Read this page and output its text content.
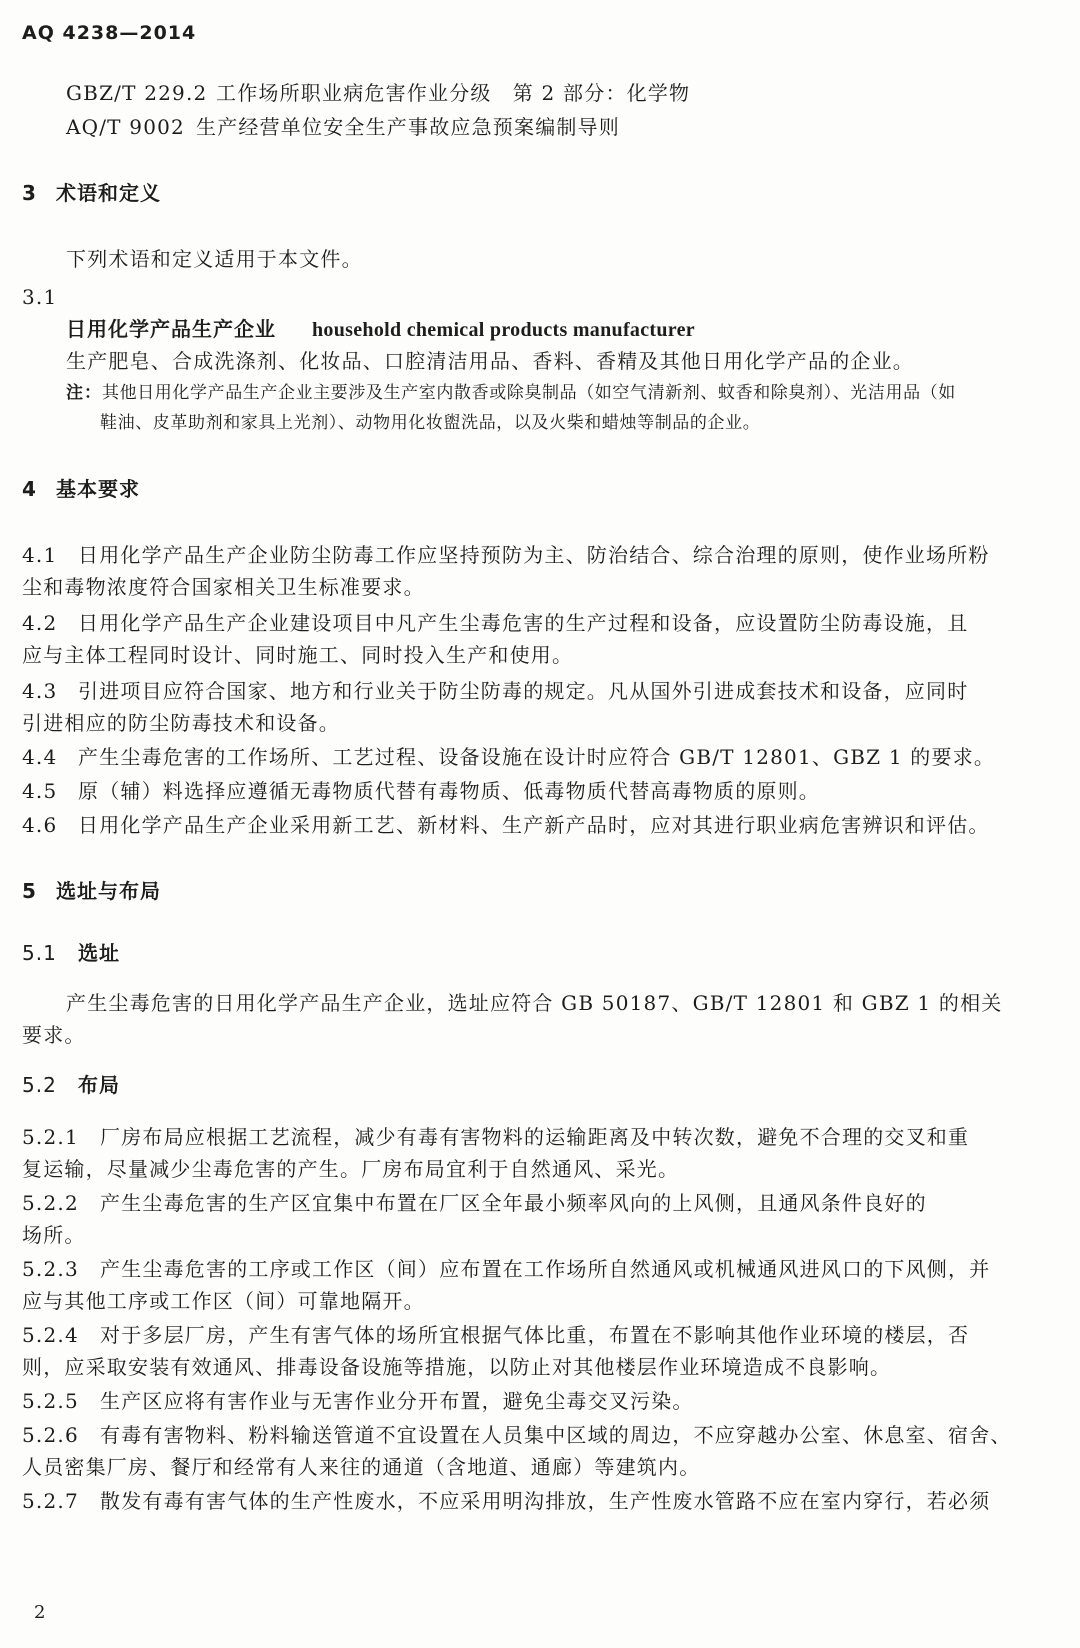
AQ 4238—2014
GBZ/T 229.2 工作场所职业病危害作业分级　第 2 部分：化学物
AQ/T 9002 生产经营单位安全生产事故应急预案编制导则
3 术语和定义
下列术语和定义适用于本文件。
3.1
日用化学产品生产企业 household chemical products manufacturer
生产肥皂、合成洗涤剂、化妆品、口腔清洁用品、香料、香精及其他日用化学产品的企业。
注：其他日用化学产品生产企业主要涉及生产室内散香或除臭制品（如空气清新剂、蚊香和除臭剂）、光洁用品（如
鞋油、皮革助剂和家具上光剂）、动物用化妆盥洗品，以及火柴和蜡烛等制品的企业。
4 基本要求
4.1 日用化学产品生产企业防尘防毒工作应坚持预防为主、防治结合、综合治理的原则，使作业场所粉
尘和毒物浓度符合国家相关卫生标准要求。
4.2 日用化学产品生产企业建设项目中凡产生尘毒危害的生产过程和设备，应设置防尘防毒设施，且
应与主体工程同时设计、同时施工、同时投入生产和使用。
4.3 引进项目应符合国家、地方和行业关于防尘防毒的规定。凡从国外引进成套技术和设备，应同时
引进相应的防尘防毒技术和设备。
4.4 产生尘毒危害的工作场所、工艺过程、设备设施在设计时应符合 GB/T 12801、GBZ 1 的要求。
4.5 原（辅）料选择应遵循无毒物质代替有毒物质、低毒物质代替高毒物质的原则。
4.6 日用化学产品生产企业采用新工艺、新材料、生产新产品时，应对其进行职业病危害辨识和评估。
5 选址与布局
5.1 选址
产生尘毒危害的日用化学产品生产企业，选址应符合 GB 50187、GB/T 12801 和 GBZ 1 的相关
要求。
5.2 布局
5.2.1 厂房布局应根据工艺流程，减少有毒有害物料的运输距离及中转次数，避免不合理的交叉和重
复运输，尽量减少尘毒危害的产生。厂房布局宜利于自然通风、采光。
5.2.2 产生尘毒危害的生产区宜集中布置在厂区全年最小频率风向的上风侧，且通风条件良好的
场所。
5.2.3 产生尘毒危害的工序或工作区（间）应布置在工作场所自然通风或机械通风进风口的下风侧，并
应与其他工序或工作区（间）可靠地隔开。
5.2.4 对于多层厂房，产生有害气体的场所宜根据气体比重，布置在不影响其他作业环境的楼层，否
则，应采取安装有效通风、排毒设备设施等措施，以防止对其他楼层作业环境造成不良影响。
5.2.5 生产区应将有害作业与无害作业分开布置，避免尘毒交叉污染。
5.2.6 有毒有害物料、粉料输送管道不宜设置在人员集中区域的周边，不应穿越办公室、休息室、宿舍、
人员密集厂房、餐厅和经常有人来往的通道（含地道、通廊）等建筑内。
5.2.7 散发有毒有害气体的生产性废水，不应采用明沟排放，生产性废水管路不应在室内穿行，若必须
2
